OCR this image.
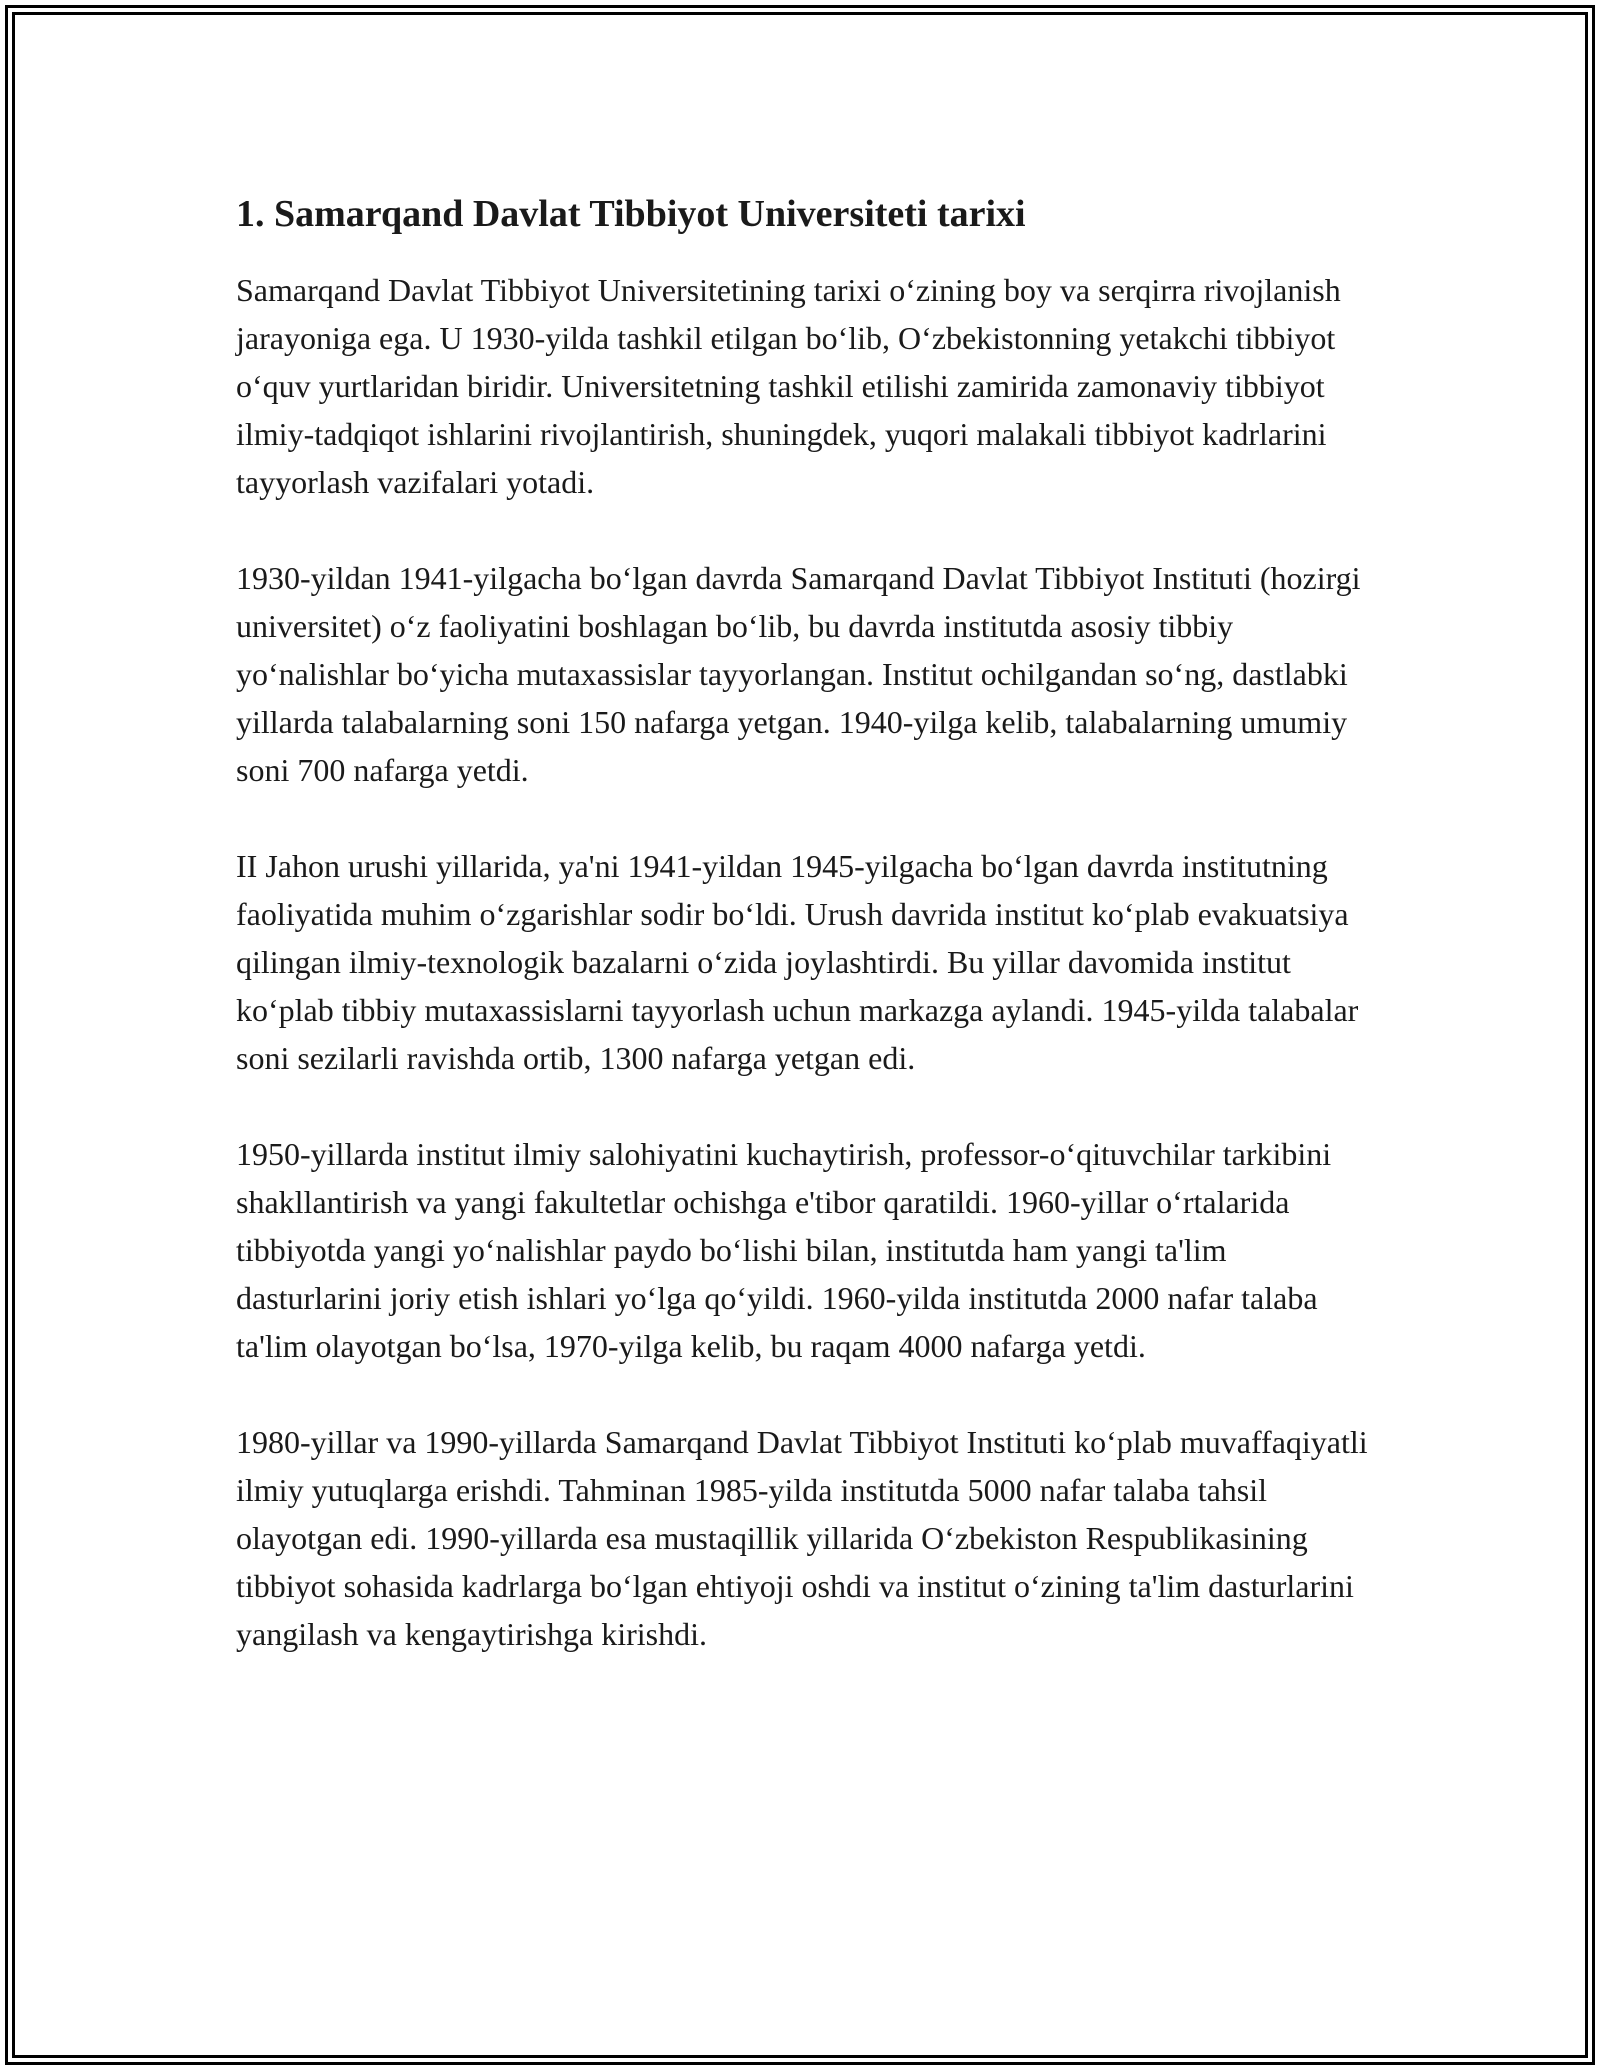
1. Samarqand Davlat Tibbiyot Universiteti tarixi

Samarqand Davlat Tibbiyot Universitetining tarixi o‘zining boy va serqirra rivojlanish jarayoniga ega. U 1930-yilda tashkil etilgan bo‘lib, O‘zbekistonning yetakchi tibbiyot o‘quv yurtlaridan biridir. Universitetning tashkil etilishi zamirida zamonaviy tibbiyot ilmiy-tadqiqot ishlarini rivojlantirish, shuningdek, yuqori malakali tibbiyot kadrlarini tayyorlash vazifalari yotadi.

1930-yildan 1941-yilgacha bo‘lgan davrda Samarqand Davlat Tibbiyot Instituti (hozirgi universitet) o‘z faoliyatini boshlagan bo‘lib, bu davrda institutda asosiy tibbiy yo‘nalishlar bo‘yicha mutaxassislar tayyorlangan. Institut ochilgandan so‘ng, dastlabki yillarda talabalarning soni 150 nafarga yetgan. 1940-yilga kelib, talabalarning umumiy soni 700 nafarga yetdi.

II Jahon urushi yillarida, ya'ni 1941-yildan 1945-yilgacha bo‘lgan davrda institutning faoliyatida muhim o‘zgarishlar sodir bo‘ldi. Urush davrida institut ko‘plab evakuatsiya qilingan ilmiy-texnologik bazalarni o‘zida joylashtirdi. Bu yillar davomida institut ko‘plab tibbiy mutaxassislarni tayyorlash uchun markazga aylandi. 1945-yilda talabalar soni sezilarli ravishda ortib, 1300 nafarga yetgan edi.

1950-yillarda institut ilmiy salohiyatini kuchaytirish, professor-o‘qituvchilar tarkibini shakllantirish va yangi fakultetlar ochishga e'tibor qaratildi. 1960-yillar o‘rtalarida tibbiyotda yangi yo‘nalishlar paydo bo‘lishi bilan, institutda ham yangi ta'lim dasturlarini joriy etish ishlari yo‘lga qo‘yildi. 1960-yilda institutda 2000 nafar talaba ta'lim olayotgan bo‘lsa, 1970-yilga kelib, bu raqam 4000 nafarga yetdi.

1980-yillar va 1990-yillarda Samarqand Davlat Tibbiyot Instituti ko‘plab muvaffaqiyatli ilmiy yutuqlarga erishdi. Tahminan 1985-yilda institutda 5000 nafar talaba tahsil olayotgan edi. 1990-yillarda esa mustaqillik yillarida O‘zbekiston Respublikasining tibbiyot sohasida kadrlarga bo‘lgan ehtiyoji oshdi va institut o‘zining ta'lim dasturlarini yangilash va kengaytirishga kirishdi.
